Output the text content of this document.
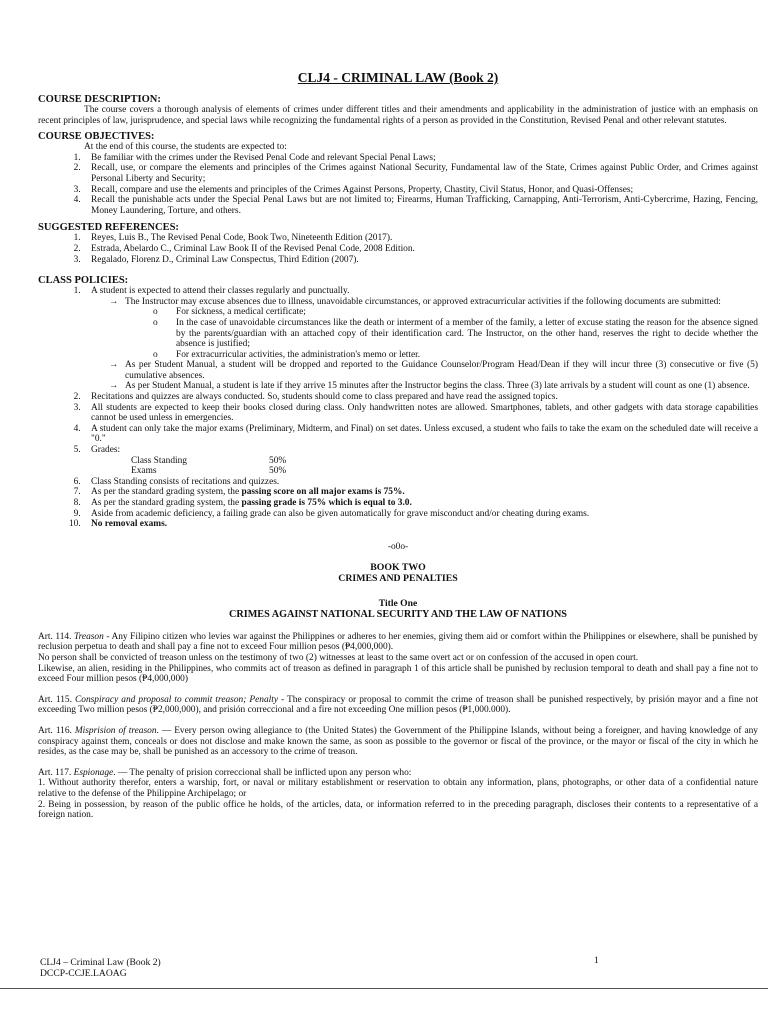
CLJ4 - CRIMINAL LAW (Book 2)
COURSE DESCRIPTION:

The course covers a thorough analysis of elements of crimes under different titles and their amendments and applicability in the administration of justice with an emphasis on recent principles of law, jurisprudence, and special laws while recognizing the fundamental rights of a person as provided in the Constitution, Revised Penal and other relevant statutes.

COURSE OBJECTIVES:

At the end of this course, the students are expected to:

1. Be familiar with the crimes under the Revised Penal Code and relevant Special Penal Laws;
2. Recall, use, or compare the elements and principles of the Crimes against National Security, Fundamental law of the State, Crimes against Public Order, and Crimes against Personal Liberty and Security;
3. Recall, compare and use the elements and principles of the Crimes Against Persons, Property, Chastity, Civil Status, Honor, and Quasi-Offenses;
4. Recall the punishable acts under the Special Penal Laws but are not limited to; Firearms, Human Trafficking, Carnapping, Anti-Terrorism, Anti-Cybercrime, Hazing, Fencing, Money Laundering, Torture, and others.
SUGGESTED REFERENCES:
1. Reyes, Luis B., The Revised Penal Code, Book Two, Nineteenth Edition (2017).
2. Estrada, Abelardo C., Criminal Law Book II of the Revised Penal Code, 2008 Edition.
3. Regalado, Florenz D., Criminal Law Conspectus, Third Edition (2007).
CLASS POLICIES:
1. A student is expected to attend their classes regularly and punctually.
→ The Instructor may excuse absences due to illness, unavoidable circumstances, or approved extracurricular activities if the following documents are submitted:
o For sickness, a medical certificate;
o In the case of unavoidable circumstances like the death or interment of a member of the family, a letter of excuse stating the reason for the absence signed by the parents/guardian with an attached copy of their identification card. The Instructor, on the other hand, reserves the right to decide whether the absence is justified;
o For extracurricular activities, the administration's memo or letter.
→ As per Student Manual, a student will be dropped and reported to the Guidance Counselor/Program Head/Dean if they will incur three (3) consecutive or five (5) cumulative absences.
→ As per Student Manual, a student is late if they arrive 15 minutes after the Instructor begins the class. Three (3) late arrivals by a student will count as one (1) absence.
2. Recitations and quizzes are always conducted. So, students should come to class prepared and have read the assigned topics.
3. All students are expected to keep their books closed during class. Only handwritten notes are allowed. Smartphones, tablets, and other gadgets with data storage capabilities cannot be used unless in emergencies.
4. A student can only take the major exams (Preliminary, Midterm, and Final) on set dates. Unless excused, a student who fails to take the exam on the scheduled date will receive a "0."
5. Grades:
Class Standing	50%
Exams	50%
6. Class Standing consists of recitations and quizzes.
7. As per the standard grading system, the passing score on all major exams is 75%.
8. As per the standard grading system, the passing grade is 75% which is equal to 3.0.
9. Aside from academic deficiency, a failing grade can also be given automatically for grave misconduct and/or cheating during exams.
10. No removal exams.
-o0o-
BOOK TWO
CRIMES AND PENALTIES
Title One
CRIMES AGAINST NATIONAL SECURITY AND THE LAW OF NATIONS

Art. 114. Treason - Any Filipino citizen who levies war against the Philippines or adheres to her enemies, giving them aid or comfort within the Philippines or elsewhere, shall be punished by reclusion perpetua to death and shall pay a fine not to exceed Four million pesos (₱4,000,000).

No person shall be convicted of treason unless on the testimony of two (2) witnesses at least to the same overt act or on confession of the accused in open court.

Likewise, an alien, residing in the Philippines, who commits act of treason as defined in paragraph 1 of this article shall be punished by reclusion temporal to death and shall pay a fine not to exceed Four million pesos (₱4,000,000)

Art. 115. Conspiracy and proposal to commit treason; Penalty - The conspiracy or proposal to commit the crime of treason shall be punished respectively, by prisión mayor and a fine not exceeding Two million pesos (₱2,000,000), and prisión correccional and a fire not exceeding One million pesos (₱1,000.000).

Art. 116. Misprision of treason. — Every person owing allegiance to (the United States) the Government of the Philippine Islands, without being a foreigner, and having knowledge of any conspiracy against them, conceals or does not disclose and make known the same, as soon as possible to the governor or fiscal of the province, or the mayor or fiscal of the city in which he resides, as the case may be, shall be punished as an accessory to the crime of treason.

Art. 117. Espionage. — The penalty of prision correccional shall be inflicted upon any person who:

1. Without authority therefor, enters a warship, fort, or naval or military establishment or reservation to obtain any information, plans, photographs, or other data of a confidential nature relative to the defense of the Philippine Archipelago; or

2. Being in possession, by reason of the public office he holds, of the articles, data, or information referred to in the preceding paragraph, discloses their contents to a representative of a foreign nation.

CLJ4 – Criminal Law (Book 2)
DCCP-CCJE.LAOAG
1
